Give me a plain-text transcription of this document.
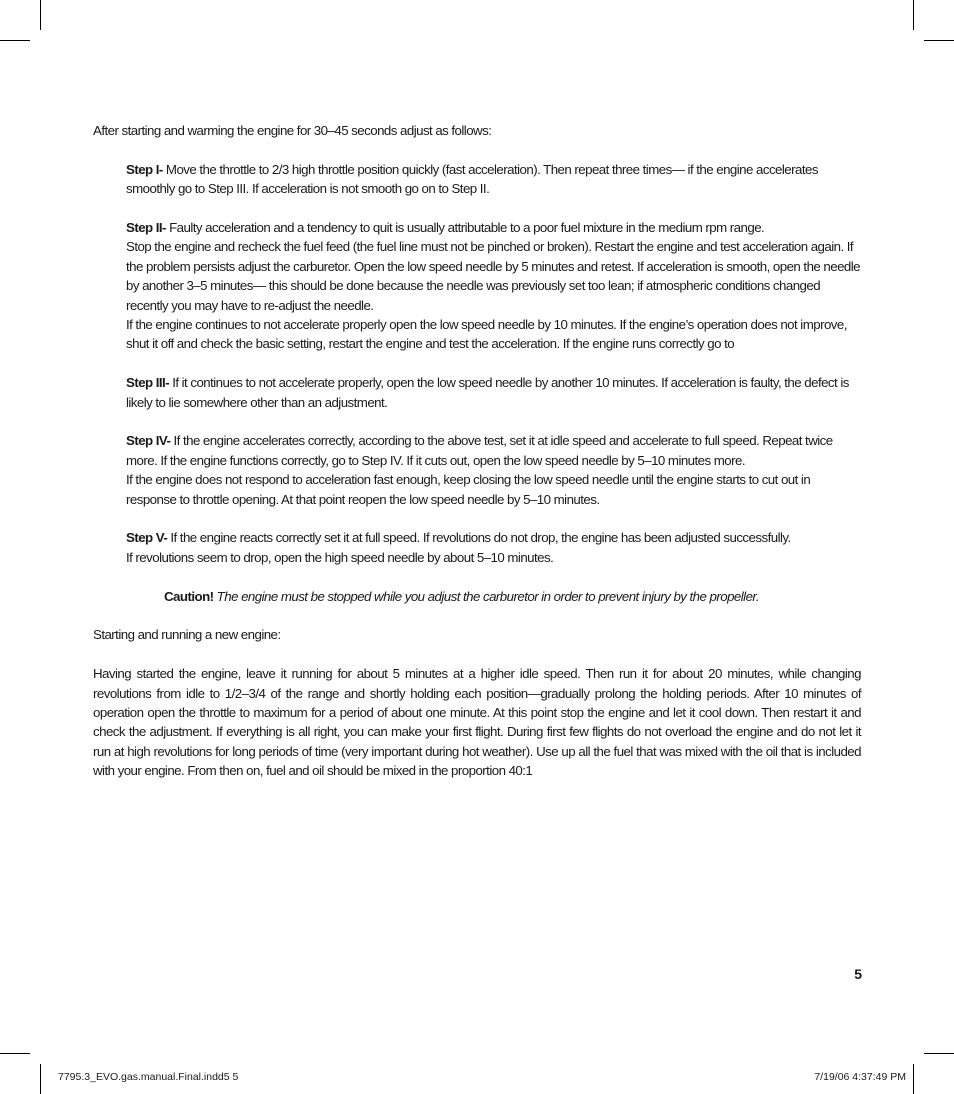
After starting and warming the engine for 30–45 seconds adjust as follows:

Step I- Move the throttle to 2/3 high throttle position quickly (fast acceleration). Then repeat three times— if the engine accelerates smoothly go to Step III. If acceleration is not smooth go on to Step II.

Step II- Faulty acceleration and a tendency to quit is usually attributable to a poor fuel mixture in the medium rpm range.
Stop the engine and recheck the fuel feed (the fuel line must not be pinched or broken). Restart the engine and test acceleration again. If the problem persists adjust the carburetor. Open the low speed needle by 5 minutes and retest. If acceleration is smooth, open the needle by another 3–5 minutes— this should be done because the needle was previously set too lean; if atmospheric conditions changed recently you may have to re-adjust the needle.
If the engine continues to not accelerate properly open the low speed needle by 10 minutes. If the engine’s operation does not improve, shut it off and check the basic setting, restart the engine and test the acceleration. If the engine runs correctly go to

Step III- If it continues to not accelerate properly, open the low speed needle by another 10 minutes. If acceleration is faulty, the defect is likely to lie somewhere other than an adjustment.

Step IV- If the engine accelerates correctly, according to the above test, set it at idle speed and accelerate to full speed. Repeat twice more. If the engine functions correctly, go to Step IV. If it cuts out, open the low speed needle by 5–10 minutes more.
If the engine does not respond to acceleration fast enough, keep closing the low speed needle until the engine starts to cut out in response to throttle opening. At that point reopen the low speed needle by 5–10 minutes.

Step V- If the engine reacts correctly set it at full speed. If revolutions do not drop, the engine has been adjusted successfully.
If revolutions seem to drop, open the high speed needle by about 5–10 minutes.

Caution! The engine must be stopped while you adjust the carburetor in order to prevent injury by the propeller.

Starting and running a new engine:

Having started the engine, leave it running for about 5 minutes at a higher idle speed. Then run it for about 20 minutes, while changing revolutions from idle to 1/2–3/4 of the range and shortly holding each position—gradually prolong the holding periods. After 10 minutes of operation open the throttle to maximum for a period of about one minute. At this point stop the engine and let it cool down. Then restart it and check the adjustment. If everything is all right, you can make your first flight. During first few flights do not overload the engine and do not let it run at high revolutions for long periods of time (very important during hot weather). Use up all the fuel that was mixed with the oil that is included with your engine. From then on, fuel and oil should be mixed in the proportion 40:1

5
7795.3_EVO.gas.manual.Final.indd5 5	7/19/06 4:37:49 PM
